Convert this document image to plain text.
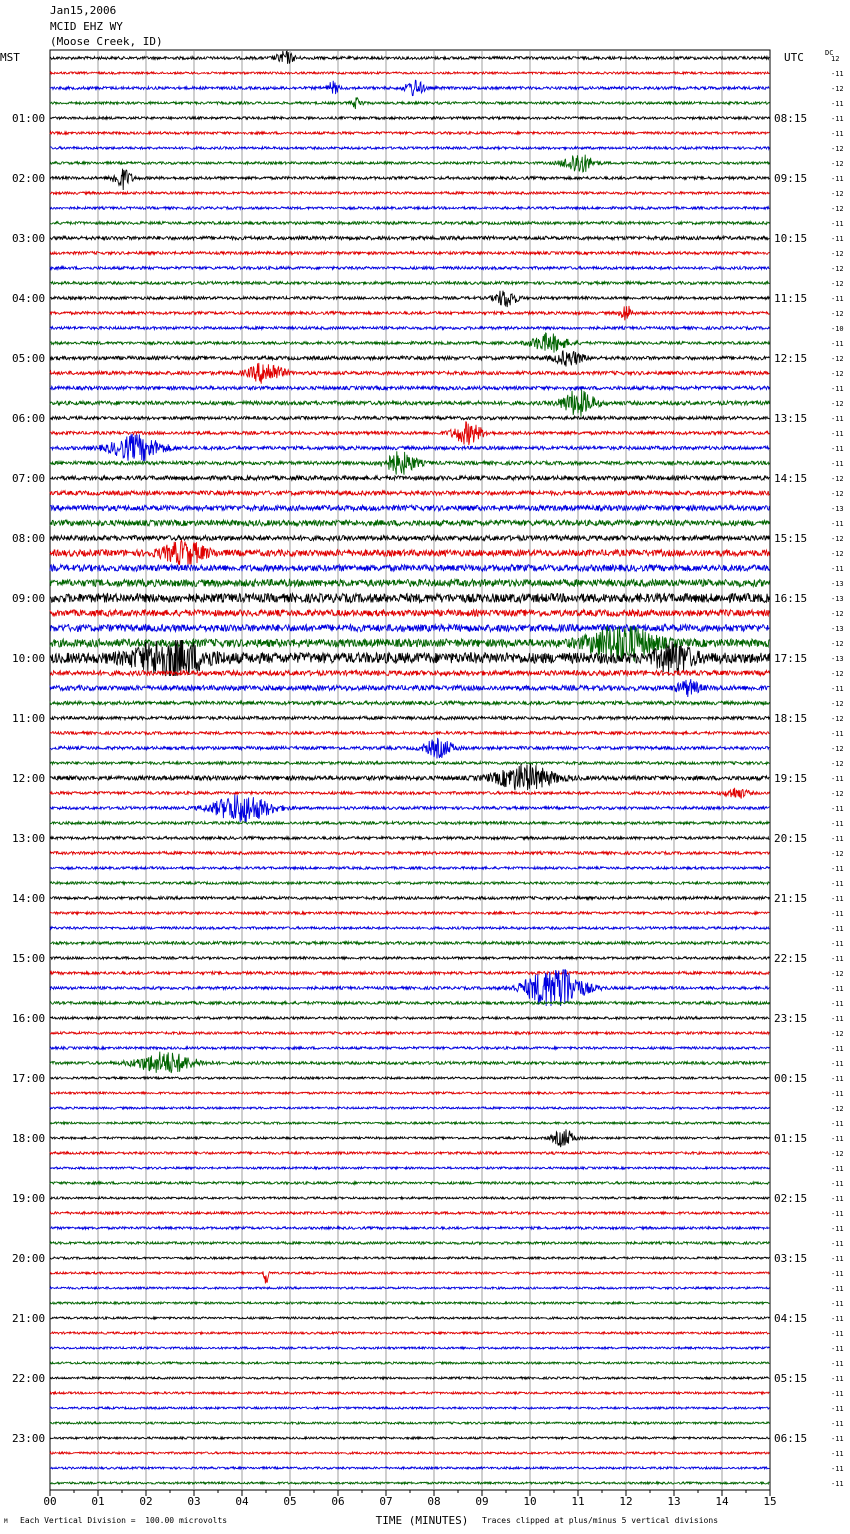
Jan15,2006
MCID EHZ WY
(Moose Creek, ID)
MST	UTC	DC
12
-11
-12
-11
-11
-11
-12
-12
-11
-12
-12
-11
-11
-12
-12
-12
-11
-12
-10
-11
-12
-12
-11
-12
-11
-11
-11
-11
-12
-12
-13
-11
-12
-12
-11
-13
-13
-12
-13
-12
-13
-12
-11
-12
-12
-11
-12
-12
-11
-12
-11
-11
-11
-12
-11
-11
-11
-11
-11
-11
-11
-12
-11
-11
-11
-12
-11
-11
-11
-11
-12
-11
-11
-12
-11
-11
-11
-11
-11
-11
-11
-11
-11
-11
-11
-11
-11
-11
-11
-11
-11
-11
-11
-11
-11
-11
01:00
02:00
03:00
04:00
05:00
06:00
07:00
08:00
09:00
10:00
11:00
12:00
13:00
14:00
15:00
16:00
17:00
18:00
19:00
20:00
21:00
22:00
23:00
08:15
09:15
10:15
11:15
12:15
13:15
14:15
15:15
16:15
17:15
18:15
19:15
20:15
21:15
22:15
23:15
00:15
01:15
02:15
03:15
04:15
05:15
06:15
00	01	02	03	04	05	06	07	08	09	10	11	12	13	14	15
TIME (MINUTES)
M Each Vertical Division =  100.00 microvolts	Traces clipped at plus/minus 5 vertical divisions
